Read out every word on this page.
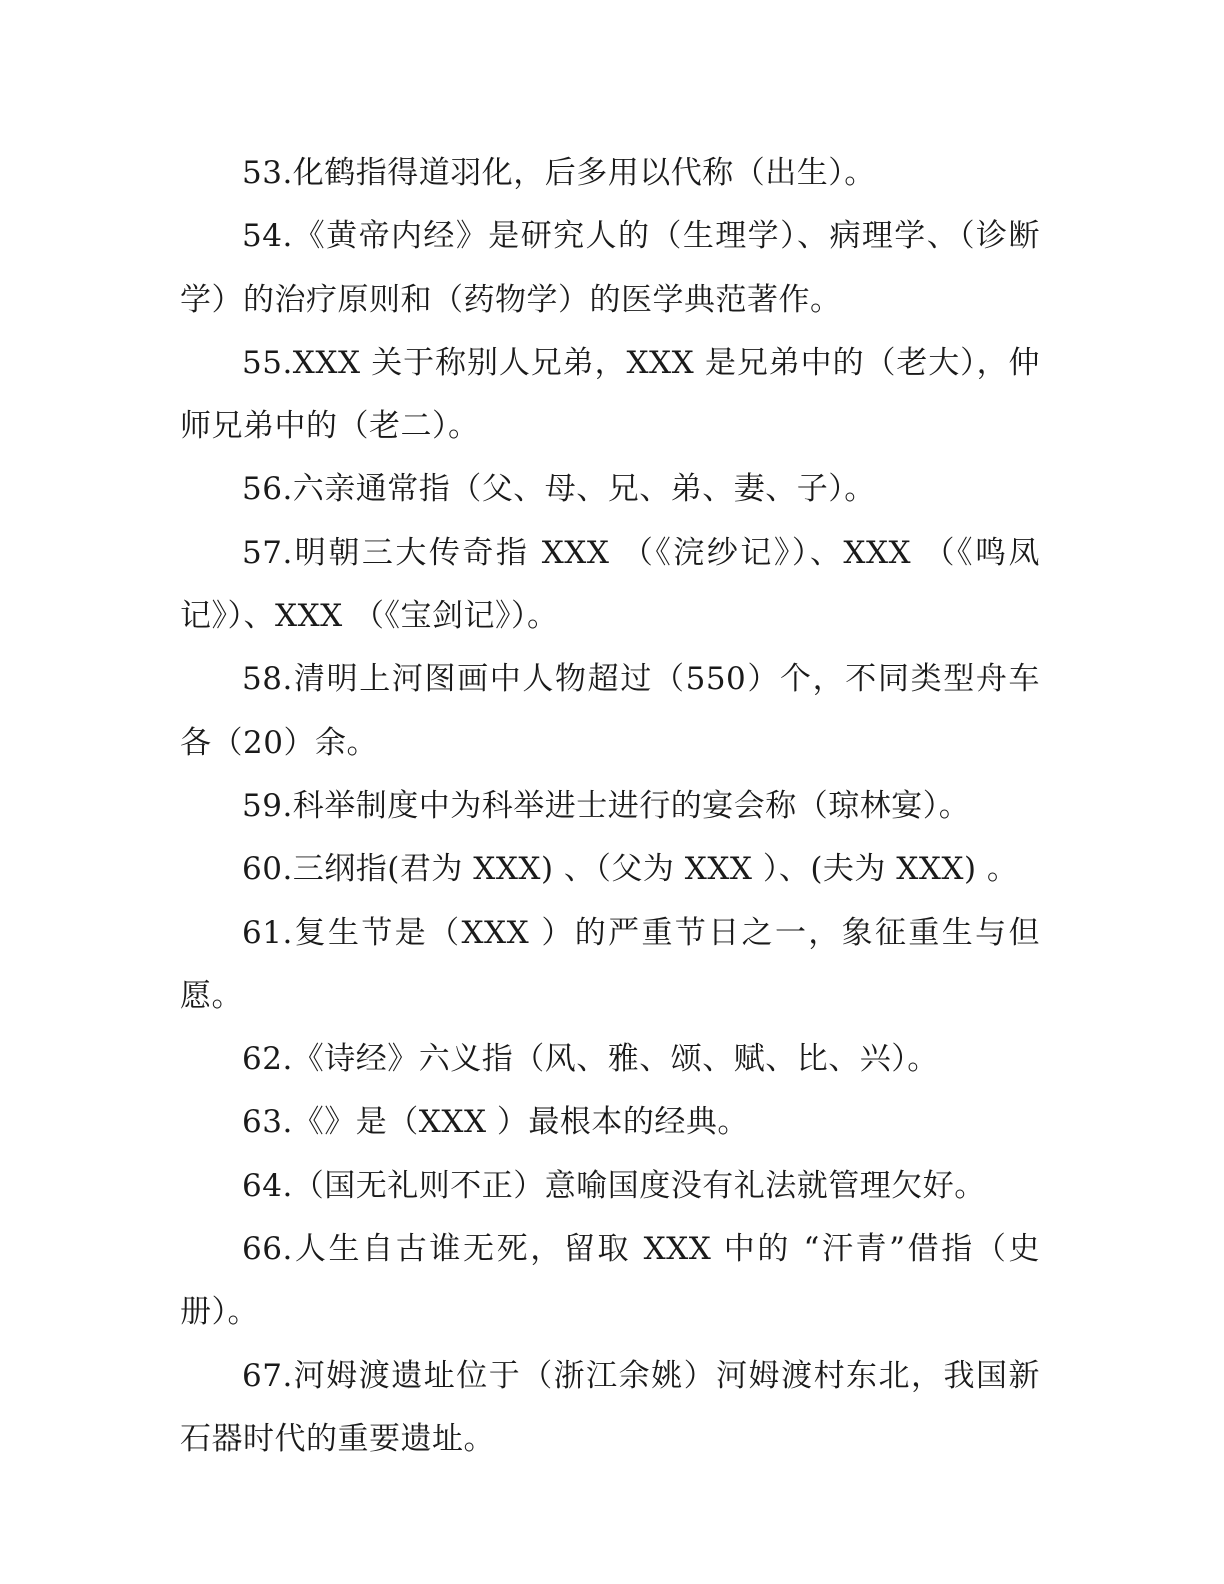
53.化鹤指得道羽化，后多用以代称（出生）。

54.《黄帝内经》是研究人的（生理学）、病理学、（诊断学）的治疗原则和（药物学）的医学典范著作。

55.XXX 关于称别人兄弟，XXX 是兄弟中的（老大），仲师兄弟中的（老二）。

56.六亲通常指（父、母、兄、弟、妻、子）。

57.明朝三大传奇指 XXX （《浣纱记》）、XXX （《鸣凤记》）、XXX （《宝剑记》）。

58.清明上河图画中人物超过（550）个，不同类型舟车各（20）余。

59.科举制度中为科举进士进行的宴会称（琼林宴）。

60.三纲指(君为 XXX) 、（父为 XXX ）、(夫为 XXX) 。

61.复生节是（XXX ）的严重节日之一，象征重生与但愿。

62.《诗经》六义指（风、雅、颂、赋、比、兴）。

63.《》是（XXX ）最根本的经典。

64.（国无礼则不正）意喻国度没有礼法就管理欠好。

66.人生自古谁无死，留取 XXX 中的 “汗青”借指（史册）。

67.河姆渡遗址位于（浙江余姚）河姆渡村东北，我国新石器时代的重要遗址。
